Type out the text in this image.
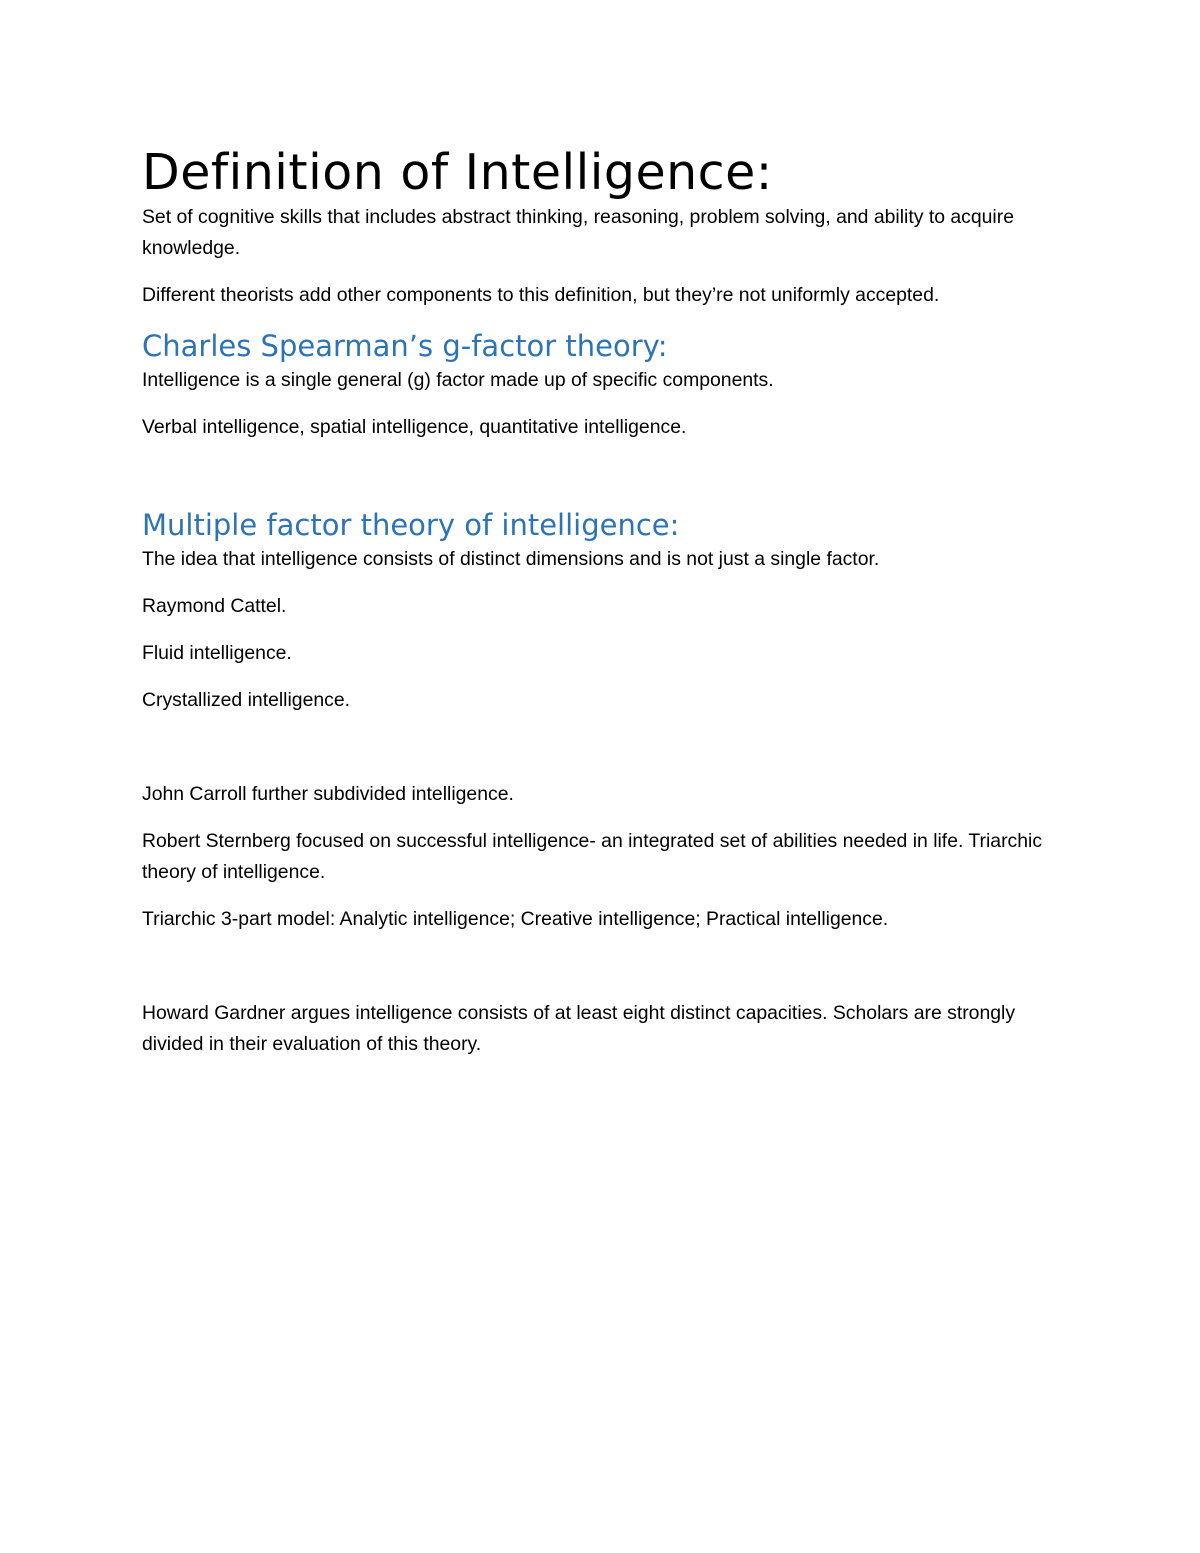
Definition of Intelligence:

Set of cognitive skills that includes abstract thinking, reasoning, problem solving, and ability to acquire knowledge.

Different theorists add other components to this definition, but they’re not uniformly accepted.

Charles Spearman’s g-factor theory:

Intelligence is a single general (g) factor made up of specific components.

Verbal intelligence, spatial intelligence, quantitative intelligence.

Multiple factor theory of intelligence:

The idea that intelligence consists of distinct dimensions and is not just a single factor.

Raymond Cattel.

Fluid intelligence.

Crystallized intelligence.

John Carroll further subdivided intelligence.

Robert Sternberg focused on successful intelligence- an integrated set of abilities needed in life. Triarchic theory of intelligence.

Triarchic 3-part model: Analytic intelligence; Creative intelligence; Practical intelligence.

Howard Gardner argues intelligence consists of at least eight distinct capacities. Scholars are strongly divided in their evaluation of this theory.
